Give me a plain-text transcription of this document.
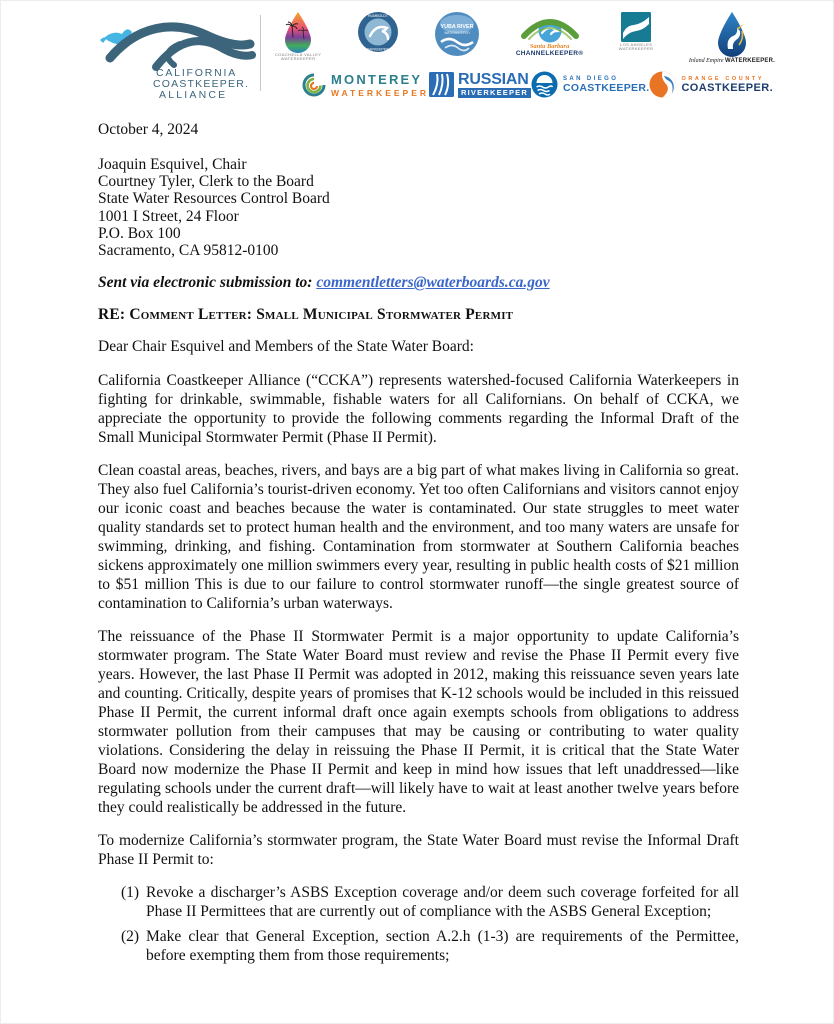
CALIFORNIA
COASTKEEPER.
ALLIANCE
COACHELLA VALLEY
WATERKEEPER
HUMBOLDT
BAYKEEPER
YUBA RIVER
WATERKEEPER
Santa Barbara
CHANNELKEEPER®
LOS ANGELES
WATERKEEPER
Inland Empire WATERKEEPER.
MONTEREY
WATERKEEPER
RUSSIAN
RIVERKEEPER
SAN DIEGO
COASTKEEPER.
ORANGE COUNTY
COASTKEEPER.
October 4, 2024
Joaquin Esquivel, Chair
Courtney Tyler, Clerk to the Board
State Water Resources Control Board
1001 I Street, 24 Floor
P.O. Box 100
Sacramento, CA 95812-0100
Sent via electronic submission to: commentletters@waterboards.ca.gov
RE: Comment Letter: Small Municipal Stormwater Permit
Dear Chair Esquivel and Members of the State Water Board:

California Coastkeeper Alliance (“CCKA”) represents watershed-focused California Waterkeepers in fighting for drinkable, swimmable, fishable waters for all Californians. On behalf of CCKA, we appreciate the opportunity to provide the following comments regarding the Informal Draft of the Small Municipal Stormwater Permit (Phase II Permit).

Clean coastal areas, beaches, rivers, and bays are a big part of what makes living in California so great. They also fuel California’s tourist-driven economy. Yet too often Californians and visitors cannot enjoy our iconic coast and beaches because the water is contaminated. Our state struggles to meet water quality standards set to protect human health and the environment, and too many waters are unsafe for swimming, drinking, and fishing. Contamination from stormwater at Southern California beaches sickens approximately one million swimmers every year, resulting in public health costs of $21 million to $51 million This is due to our failure to control stormwater runoff—the single greatest source of contamination to California’s urban waterways.

The reissuance of the Phase II Stormwater Permit is a major opportunity to update California’s stormwater program. The State Water Board must review and revise the Phase II Permit every five years. However, the last Phase II Permit was adopted in 2012, making this reissuance seven years late and counting. Critically, despite years of promises that K-12 schools would be included in this reissued Phase II Permit, the current informal draft once again exempts schools from obligations to address stormwater pollution from their campuses that may be causing or contributing to water quality violations. Considering the delay in reissuing the Phase II Permit, it is critical that the State Water Board now modernize the Phase II Permit and keep in mind how issues that left unaddressed—like regulating schools under the current draft—will likely have to wait at least another twelve years before they could realistically be addressed in the future.

To modernize California’s stormwater program, the State Water Board must revise the Informal Draft Phase II Permit to:

(1) Revoke a discharger’s ASBS Exception coverage and/or deem such coverage forfeited for all Phase II Permittees that are currently out of compliance with the ASBS General Exception;
(2) Make clear that General Exception, section A.2.h (1-3) are requirements of the Permittee, before exempting them from those requirements;
